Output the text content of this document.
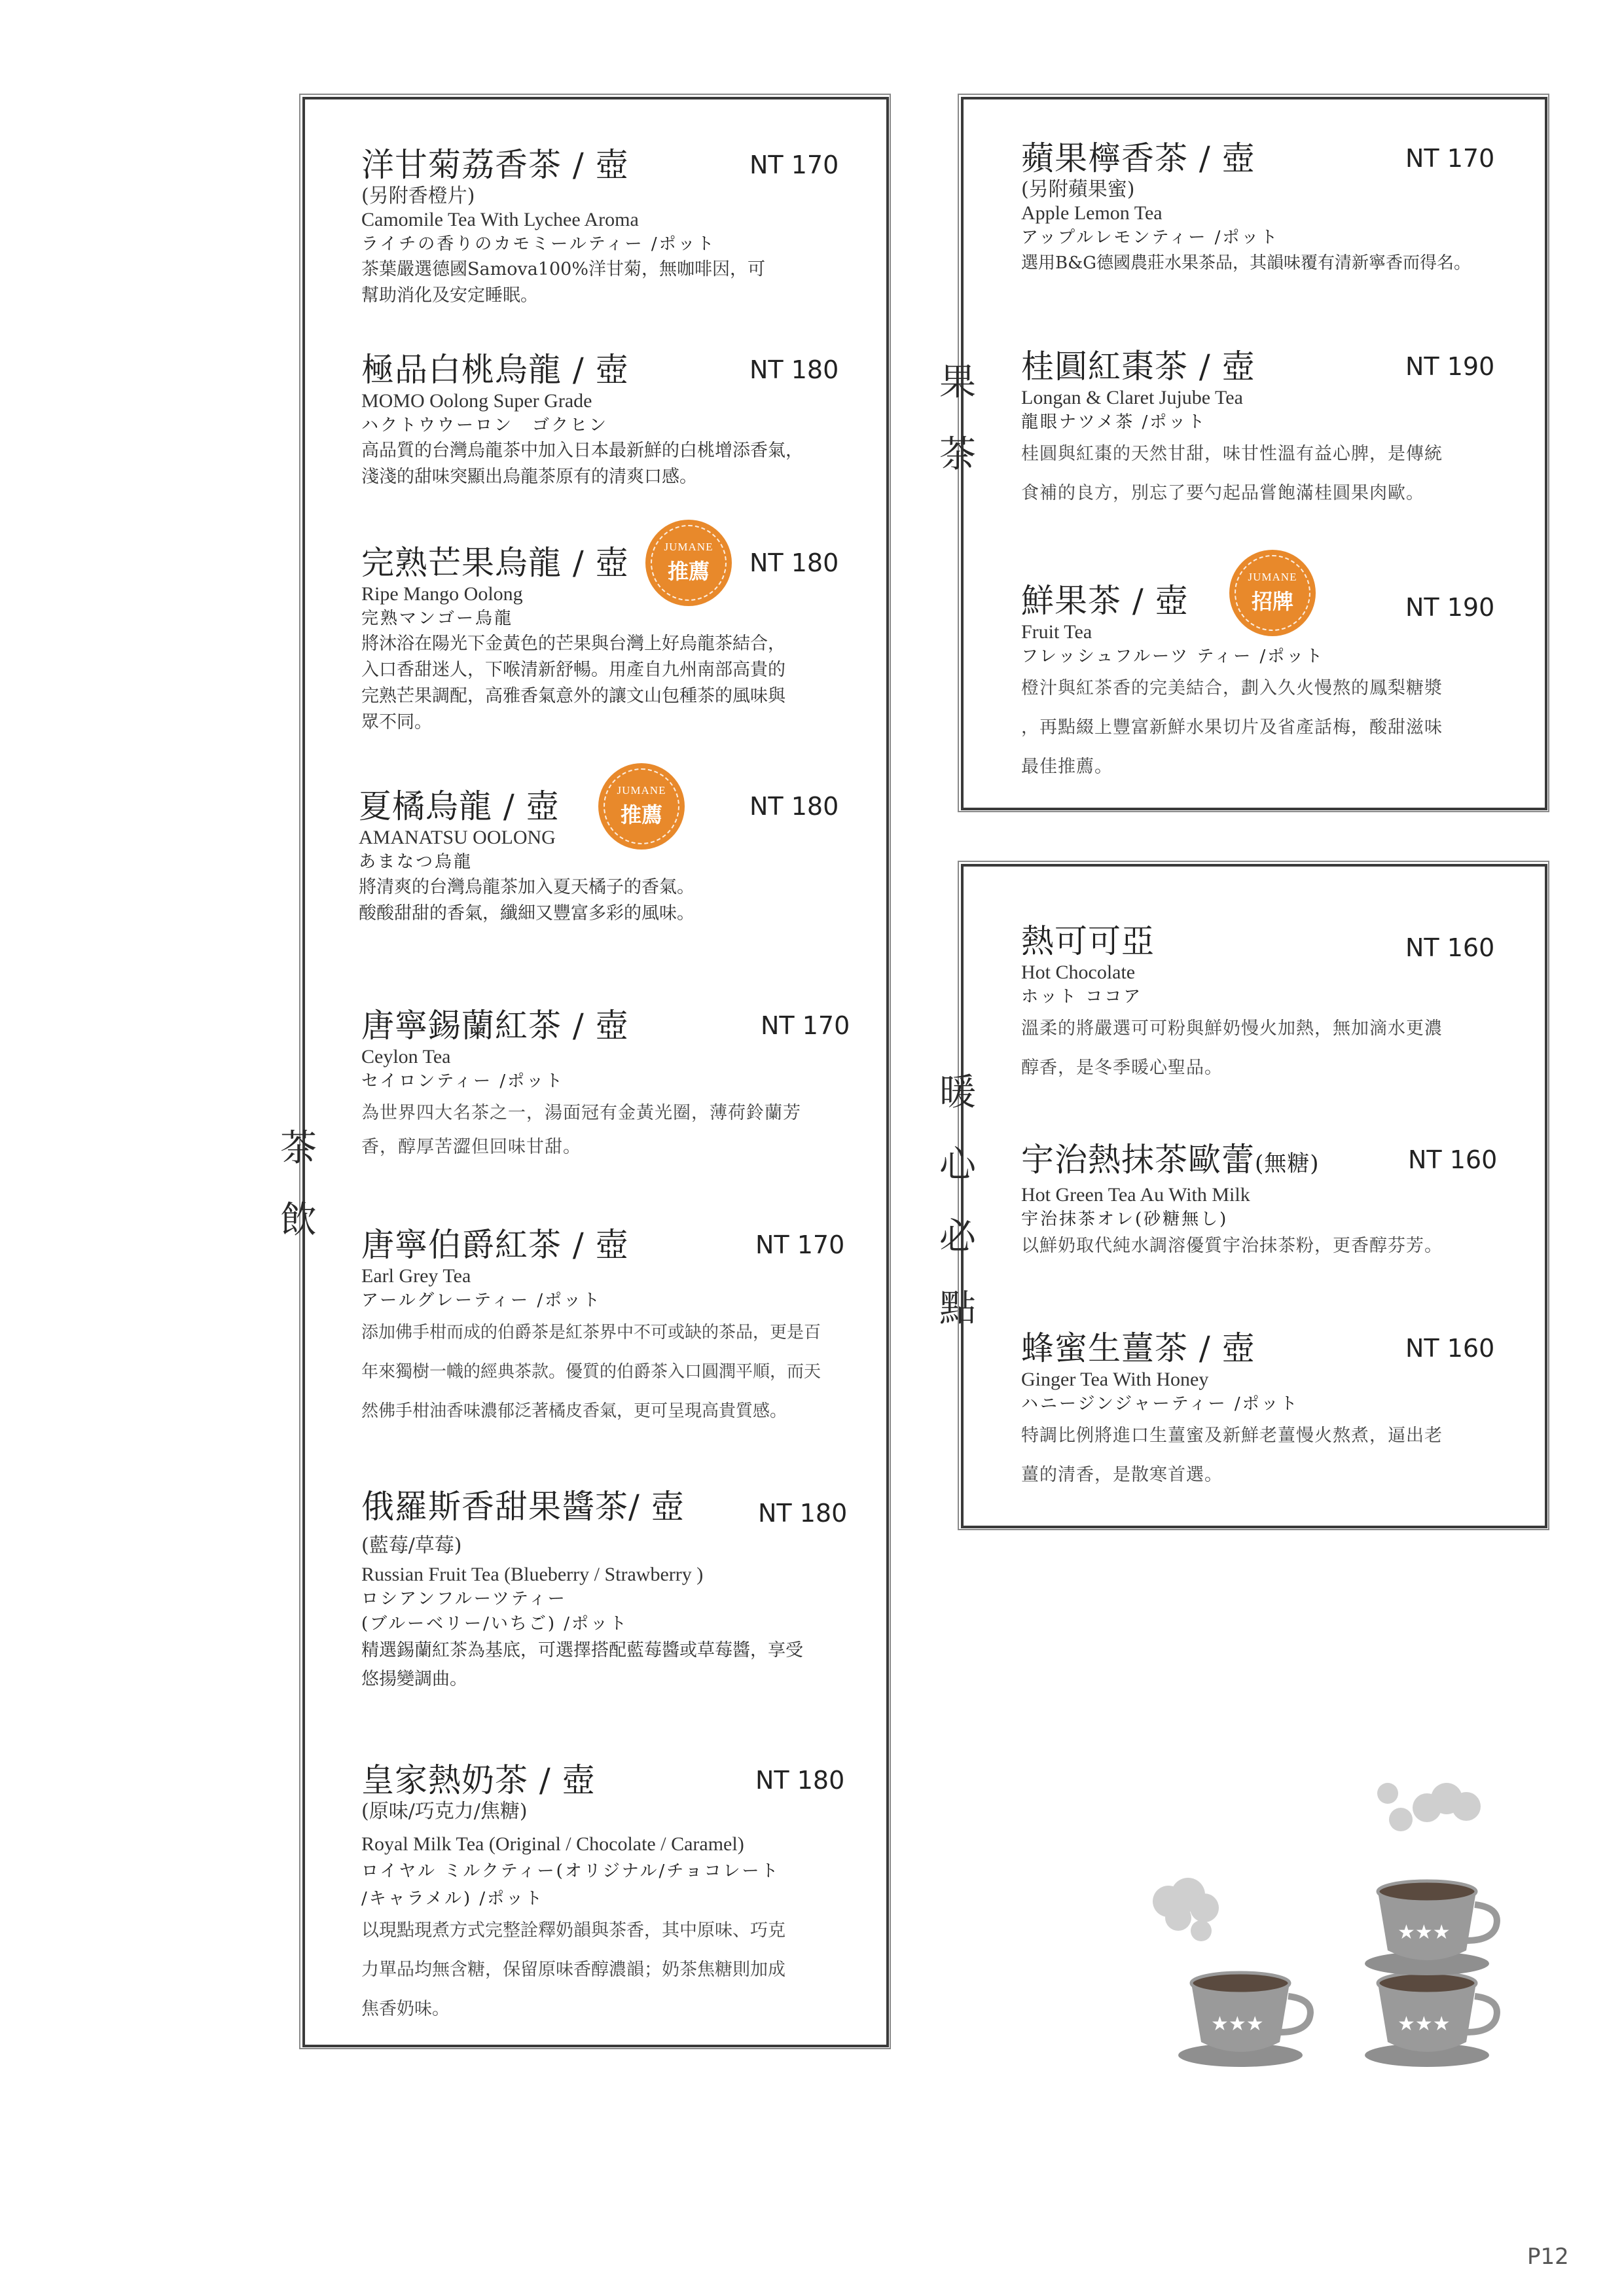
茶
飲
果
茶
暖
心
必
點
洋甘菊荔香茶 / 壺	NT 170
(另附香橙片)
Camomile Tea With Lychee Aroma
ライチの香りのカモミールティー /ポット
茶葉嚴選德國Samova100%洋甘菊，無咖啡因，可
幫助消化及安定睡眠。
極品白桃烏龍 / 壺	NT 180
MOMO Oolong Super Grade
ハクトウウーロン　ゴクヒン
高品質的台灣烏龍茶中加入日本最新鮮的白桃增添香氣，
淺淺的甜味突顯出烏龍茶原有的清爽口感。
完熟芒果烏龍 / 壺	NT 180
JUMANE
推薦
Ripe Mango Oolong
完熟マンゴー烏龍
將沐浴在陽光下金黃色的芒果與台灣上好烏龍茶結合，
入口香甜迷人，下喉清新舒暢。用產自九州南部高貴的
完熟芒果調配，高雅香氣意外的讓文山包種茶的風味與
眾不同。
夏橘烏龍 / 壺	NT 180
JUMANE
推薦
AMANATSU OOLONG
あまなつ烏龍
將清爽的台灣烏龍茶加入夏天橘子的香氣。
酸酸甜甜的香氣，纖細又豐富多彩的風味。
唐寧錫蘭紅茶 / 壺	NT 170
Ceylon Tea
セイロンティー /ポット
為世界四大名茶之一，湯面冠有金黃光圈，薄荷鈴蘭芳
香，醇厚苦澀但回味甘甜。
唐寧伯爵紅茶 / 壺	NT 170
Earl Grey Tea
アールグレーティー /ポット
添加佛手柑而成的伯爵茶是紅茶界中不可或缺的茶品，更是百
年來獨樹一幟的經典茶款。優質的伯爵茶入口圓潤平順，而天
然佛手柑油香味濃郁泛著橘皮香氣，更可呈現高貴質感。
俄羅斯香甜果醬茶/ 壺	NT 180
(藍莓/草莓)
Russian Fruit Tea (Blueberry / Strawberry )
ロシアンフルーツティー
(ブルーベリー/いちご) /ポット
精選錫蘭紅茶為基底，可選擇搭配藍莓醬或草莓醬，享受
悠揚變調曲。
皇家熱奶茶 / 壺	NT 180
(原味/巧克力/焦糖)
Royal Milk Tea (Original / Chocolate / Caramel)
ロイヤル ミルクティー(オリジナル/チョコレート
/キャラメル) /ポット
以現點現煮方式完整詮釋奶韻與茶香，其中原味、巧克
力單品均無含糖，保留原味香醇濃韻；奶茶焦糖則加成
焦香奶味。
蘋果檸香茶 / 壺	NT 170
(另附蘋果蜜)
Apple Lemon Tea
アップルレモンティー /ポット
選用B&G德國農莊水果茶品，其韻味覆有清新寧香而得名。
桂圓紅棗茶 / 壺	NT 190
Longan & Claret Jujube Tea
龍眼ナツメ茶 /ポット
桂圓與紅棗的天然甘甜，味甘性溫有益心脾，是傳統
食補的良方，別忘了要勺起品嘗飽滿桂圓果肉歐。
鮮果茶 / 壺	NT 190
JUMANE
招牌
Fruit Tea
フレッシュフルーツ ティー /ポット
橙汁與紅茶香的完美結合，劃入久火慢熬的鳳梨糖漿
，再點綴上豐富新鮮水果切片及省產話梅，酸甜滋味
最佳推薦。
熱可可亞	NT 160
Hot Chocolate
ホット ココア
溫柔的將嚴選可可粉與鮮奶慢火加熱，無加滴水更濃
醇香，是冬季暖心聖品。
宇治熱抹茶歐蕾(無糖)	NT 160
Hot Green Tea Au With Milk
宇治抹茶オレ(砂糖無し)
以鮮奶取代純水調溶優質宇治抹茶粉，更香醇芬芳。
蜂蜜生薑茶 / 壺	NT 160
Ginger Tea With Honey
ハニージンジャーティー /ポット
特調比例將進口生薑蜜及新鮮老薑慢火熬煮，逼出老
薑的清香，是散寒首選。
★★★	★★★
★★★
P12
